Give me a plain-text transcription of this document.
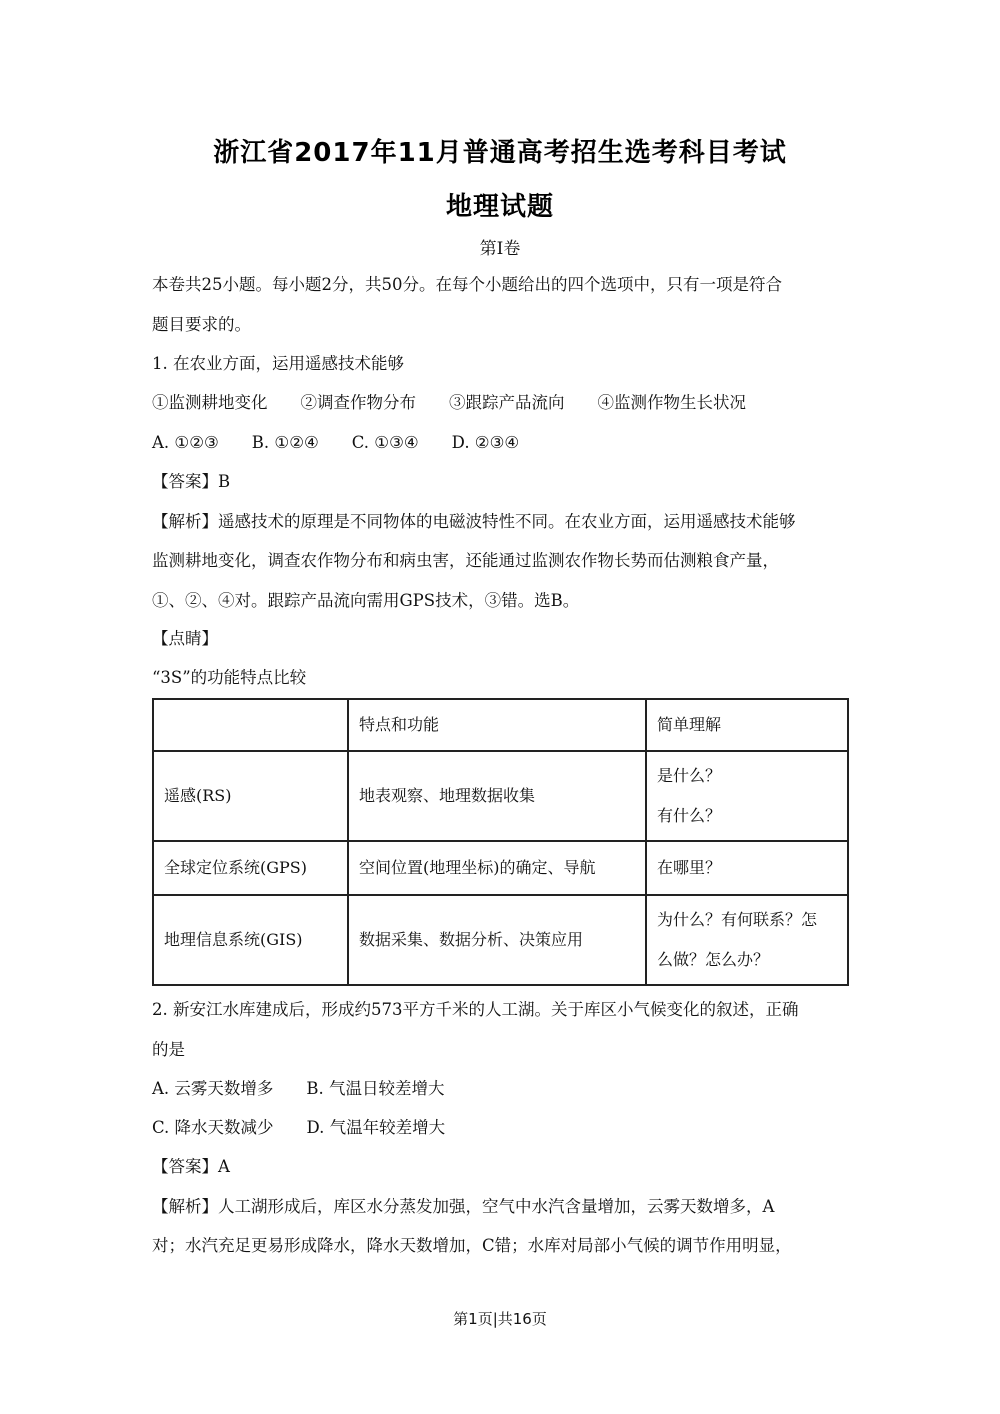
浙江省2017年11月普通高考招生选考科目考试
地理试题
第Ⅰ卷
本卷共25小题。每小题2分，共50分。在每个小题给出的四个选项中，只有一项是符合
题目要求的。
1. 在农业方面，运用遥感技术能够
①监测耕地变化　　②调查作物分布　　③跟踪产品流向　　④监测作物生长状况
A. ①②③　　B. ①②④　　C. ①③④　　D. ②③④
【答案】B
【解析】遥感技术的原理是不同物体的电磁波特性不同。在农业方面，运用遥感技术能够
监测耕地变化，调查农作物分布和病虫害，还能通过监测农作物长势而估测粮食产量，
①、②、④对。跟踪产品流向需用GPS技术，③错。选B。
【点睛】
“3S”的功能特点比较
	特点和功能	简单理解
遥感(RS)	地表观察、地理数据收集	是什么？
有什么？

全球定位系统(GPS)	空间位置(地理坐标)的确定、导航	在哪里？

地理信息系统(GIS)	数据采集、数据分析、决策应用	为什么？有何联系？怎
么做？怎么办？
2. 新安江水库建成后，形成约573平方千米的人工湖。关于库区小气候变化的叙述，正确
的是
A. 云雾天数增多　　B. 气温日较差增大
C. 降水天数减少　　D. 气温年较差增大
【答案】A
【解析】人工湖形成后，库区水分蒸发加强，空气中水汽含量增加，云雾天数增多，A
对；水汽充足更易形成降水，降水天数增加，C错；水库对局部小气候的调节作用明显，
第1页|共16页
